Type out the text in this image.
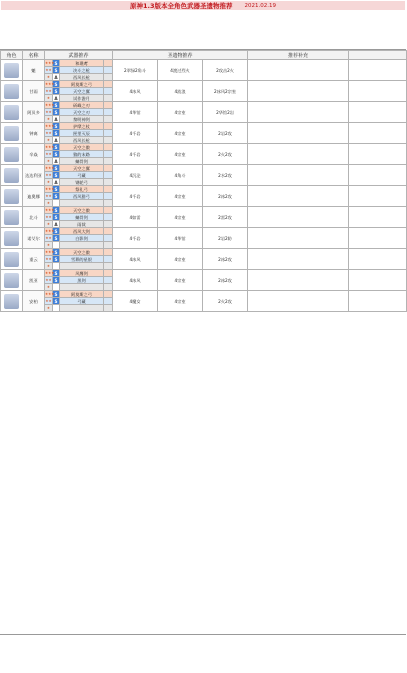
原神1.3版本全角色武器圣遗物推荐 2021.02.19
角色	名称	武器推荐				圣遗物推荐			推荐补充	

	魈	★★★	S	和璞鸢		2翠绿2角斗	4渡过烈火	2攻击2火		
		★★	S	决斗之枪						
		★	A	西风长枪						

	甘雨	★★★	S	阿莫斯之弓		4冰风	4流浪	2冰风2宗室		
		★★	S	天空之翼						
		★	A	试作澹月						

	阿贝多	★★★	S	斫峰之刃		4华馆	4宗室	2华馆2岩		
		★★	S	天空之刃						
		★	A	黎明神剑						

	钟离	★★★	S	护摩之杖		4千岩	4宗室	2岩2攻		
		★★	S	匣里灭辰						
		★	A	西风长枪						

	辛焱	★★★	S	天空之傲		4千岩	4宗室	2火2攻		
		★★	S	狼的末路						
		★	A	螭骨剑						

	达达利亚	★★★	S	天空之翼		4沉沦	4角斗	2水2攻		
		★★	S	弓藏						
		★	A	钢轮弓						

	迪奥娜	★★★	S	祭礼弓		4千岩	4宗室	2冰2攻		
		★★	S	西风猎弓						
		★								

	北斗	★★★	S	天空之傲		4如雷	4宗室	2雷2攻		
		★★	S	螭骨剑						
		★	A	雨裁						

	诺艾尔	★★★	S	西风大剑		4千岩	4华馆	2岩2防		
		★★	S	白影剑						
		★								

	重云	★★★	S	天空之傲		4冰风	4宗室	2冰2攻		
		★★	S	雪葬的星银						
		★								

	凯亚	★★★	S	风鹰剑		4冰风	4宗室	2冰2攻		
		★★	S	黑剑						
		★								

	安柏	★★★	S	阿莫斯之弓		4魔女	4宗室	2火2攻		
		★★	S	弓藏						
		★								
